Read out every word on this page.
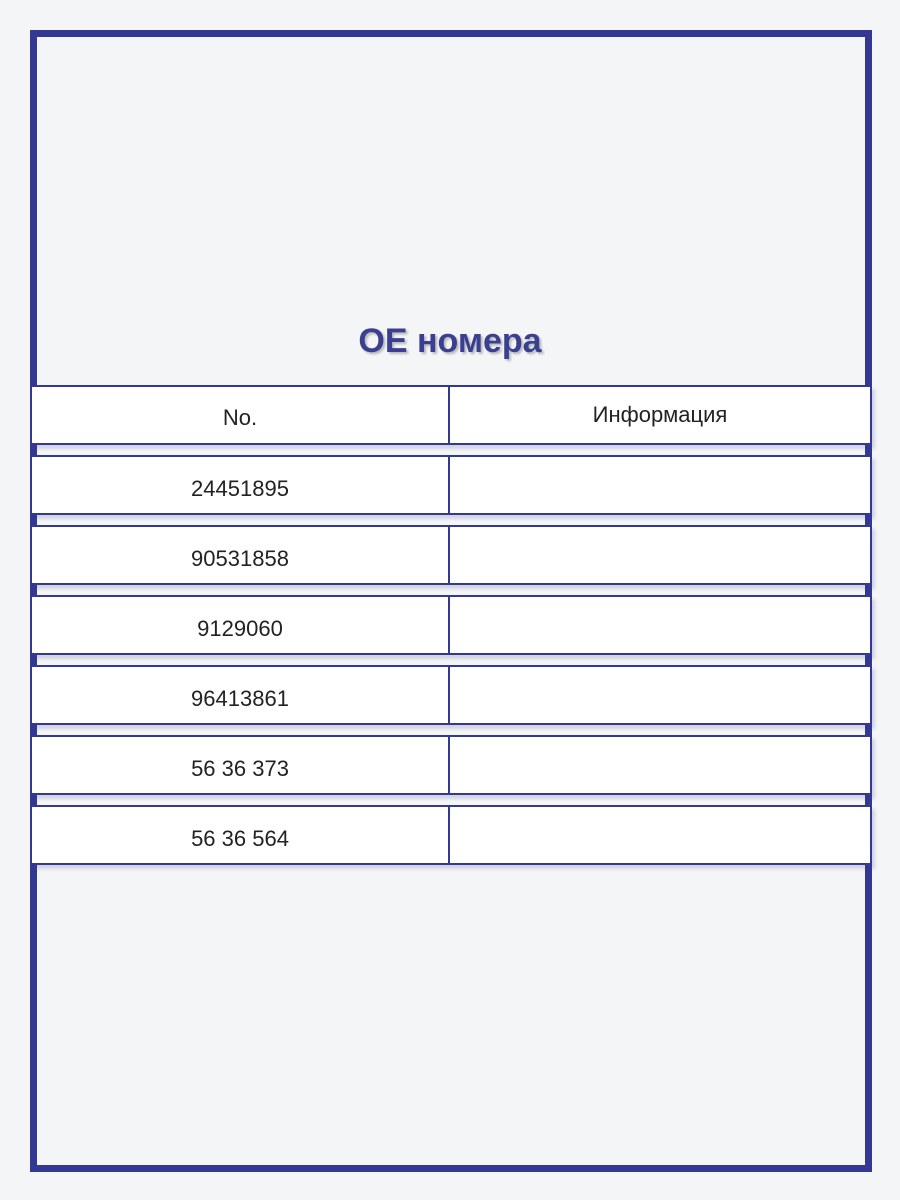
ОЕ номера
No.	Информация
24451895
90531858
9129060
96413861
56 36 373
56 36 564
